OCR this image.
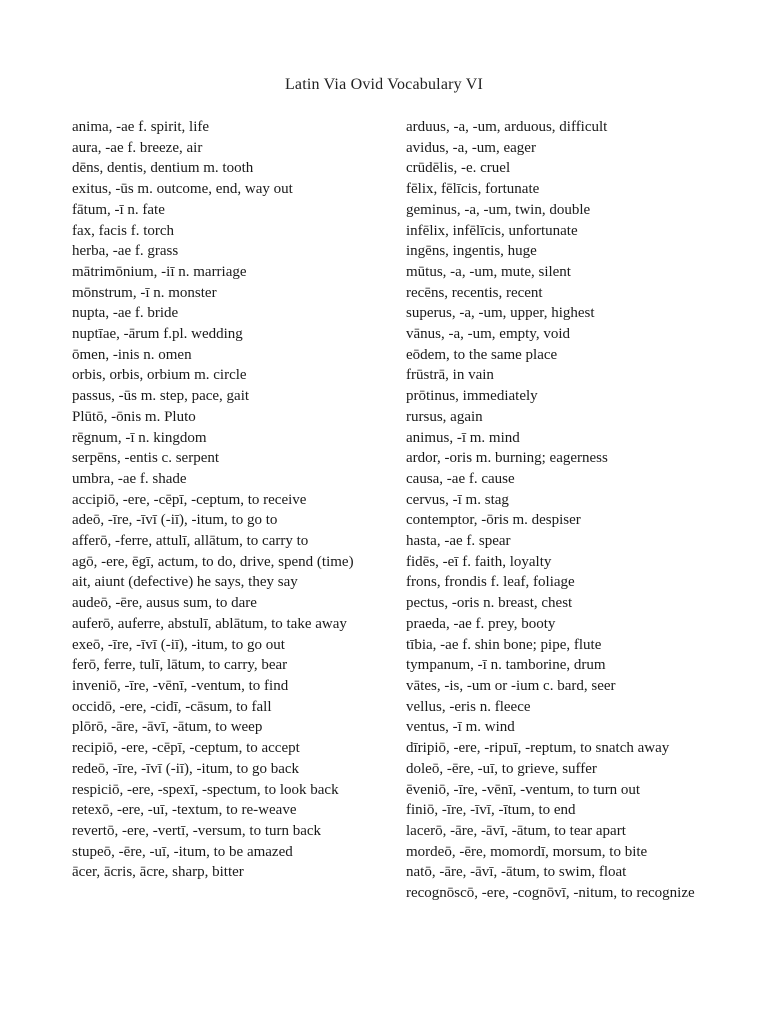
Latin Via Ovid Vocabulary VI
anima, -ae f. spirit, life
aura, -ae f. breeze, air
dēns, dentis, dentium m. tooth
exitus, -ūs m. outcome, end, way out
fātum, -ī n. fate
fax, facis f. torch
herba, -ae f. grass
mātrimōnium, -iī n. marriage
mōnstrum, -ī n. monster
nupta, -ae f. bride
nuptīae, -ārum f.pl. wedding
ōmen, -inis n. omen
orbis, orbis, orbium m. circle
passus, -ūs m. step, pace, gait
Plūtō, -ōnis m. Pluto
rēgnum, -ī n. kingdom
serpēns, -entis c. serpent
umbra, -ae f. shade
accipiō, -ere, -cēpī, -ceptum, to receive
adeō, -īre, -īvī (-iī), -itum, to go to
afferō, -ferre, attulī, allātum, to carry to
agō, -ere, ēgī, actum, to do, drive, spend (time)
ait, aiunt (defective) he says, they say
audeō, -ēre, ausus sum, to dare
auferō, auferre, abstulī, ablātum, to take away
exeō, -īre, -īvī (-iī), -itum, to go out
ferō, ferre, tulī, lātum, to carry, bear
inveniō, -īre, -vēnī, -ventum, to find
occidō, -ere, -cidī, -cāsum, to fall
plōrō, -āre, -āvī, -ātum, to weep
recipiō, -ere, -cēpī, -ceptum, to accept
redeō, -īre, -īvī (-iī), -itum, to go back
respiciō, -ere, -spexī, -spectum, to look back
retexō, -ere, -uī, -textum, to re-weave
revertō, -ere, -vertī, -versum, to turn back
stupeō, -ēre, -uī, -itum, to be amazed
ācer, ācris, ācre, sharp, bitter
arduus, -a, -um, arduous, difficult
avidus, -a, -um, eager
crūdēlis, -e. cruel
fēlix, fēlīcis, fortunate
geminus, -a, -um, twin, double
infēlix, infēlīcis, unfortunate
ingēns, ingentis, huge
mūtus, -a, -um, mute, silent
recēns, recentis, recent
superus, -a, -um, upper, highest
vānus, -a, -um, empty, void
eōdem, to the same place
frūstrā, in vain
prōtinus, immediately
rursus, again
animus, -ī m. mind
ardor, -oris m. burning; eagerness
causa, -ae f. cause
cervus, -ī m. stag
contemptor, -ōris m. despiser
hasta, -ae f. spear
fidēs, -eī f. faith, loyalty
frons, frondis f. leaf, foliage
pectus, -oris n. breast, chest
praeda, -ae f. prey, booty
tībia, -ae f. shin bone; pipe, flute
tympanum, -ī n. tamborine, drum
vātes, -is, -um or -ium c. bard, seer
vellus, -eris n. fleece
ventus, -ī m. wind
dīripiō, -ere, -ripuī, -reptum, to snatch away
doleō, -ēre, -uī, to grieve, suffer
ēveniō, -īre, -vēnī, -ventum, to turn out
finiō, -īre, -īvī, -ītum, to end
lacerō, -āre, -āvī, -ātum, to tear apart
mordeō, -ēre, momordī, morsum, to bite
natō, -āre, -āvī, -ātum, to swim, float
recognōscō, -ere, -cognōvī, -nitum, to recognize
